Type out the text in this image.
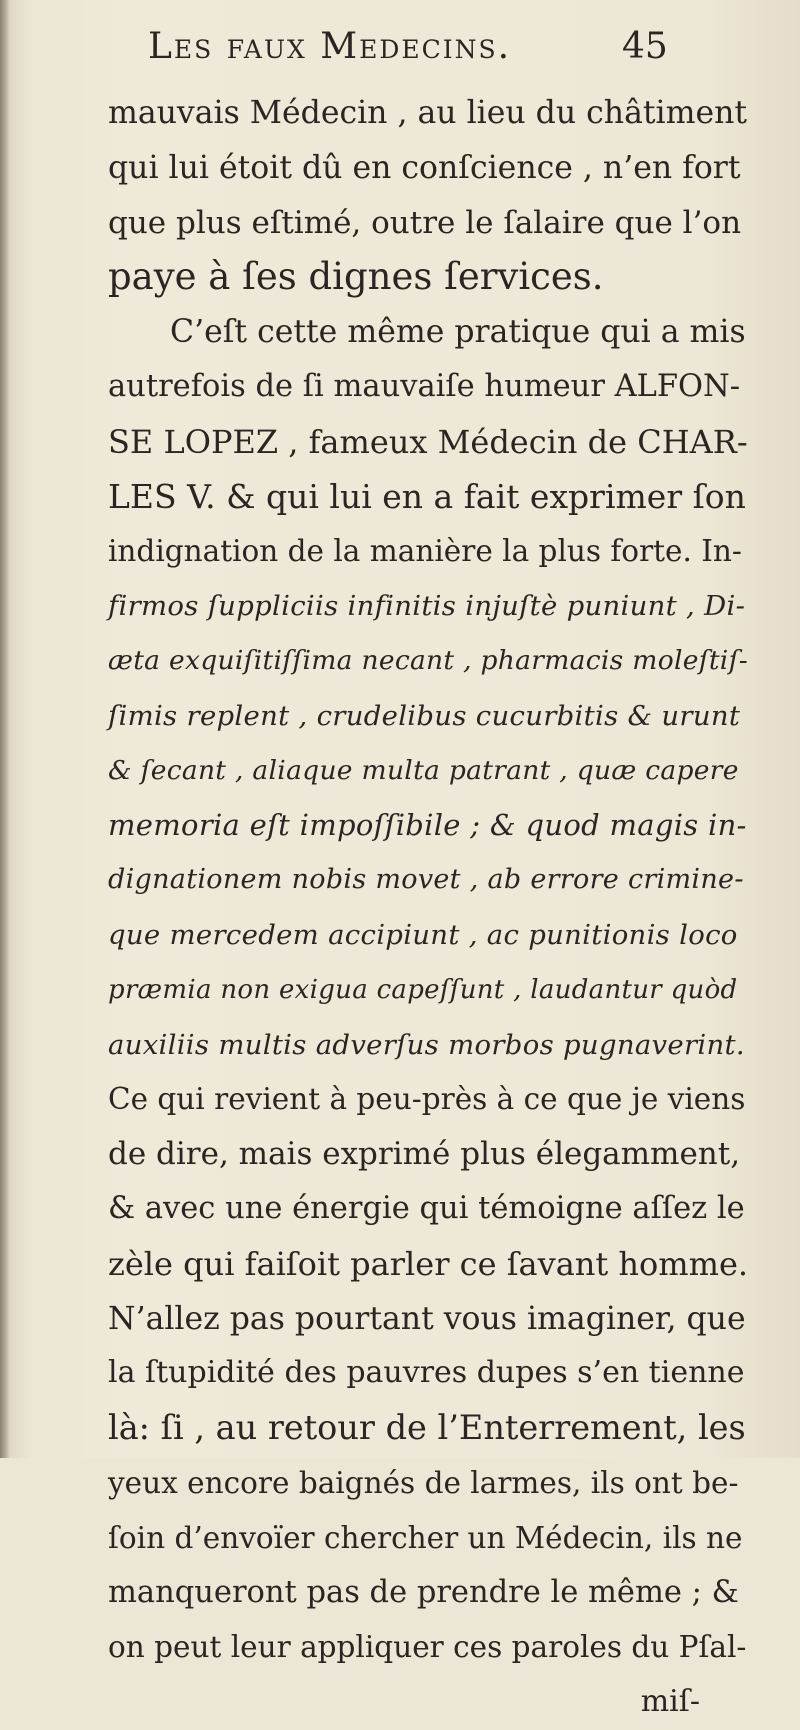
Les faux Medecins.	45
mauvais Médecin , au lieu du châtiment
qui lui étoit dû en conſcience , n’en fort
que plus eſtimé, outre le ſalaire que l’on
paye à ſes dignes ſervices.
C’eſt cette même pratique qui a mis
autrefois de ſi mauvaiſe humeur ALFON-
SE LOPEZ , fameux Médecin de CHAR-
LES V. & qui lui en a fait exprimer ſon
indignation de la manière la plus forte. In-
firmos ſuppliciis infinitis injuſtè puniunt , Di-
æta exquiſitiſſima necant , pharmacis moleſtiſ-
ſimis replent , crudelibus cucurbitis & urunt
& ſecant , aliaque multa patrant , quæ capere
memoria eſt impoſſibile ; & quod magis in-
dignationem nobis movet , ab errore crimine-
que mercedem accipiunt , ac punitionis loco
præmia non exigua capeſſunt , laudantur quòd
auxiliis multis adverſus morbos pugnaverint.
Ce qui revient à peu-près à ce que je viens
de dire, mais exprimé plus élegamment,
& avec une énergie qui témoigne aſſez le
zèle qui faiſoit parler ce ſavant homme.
N’allez pas pourtant vous imaginer, que
la ſtupidité des pauvres dupes s’en tienne
là: ſi , au retour de l’Enterrement, les
yeux encore baignés de larmes, ils ont be-
ſoin d’envoïer chercher un Médecin, ils ne
manqueront pas de prendre le même ; &
on peut leur appliquer ces paroles du Pſal-
miſ-
